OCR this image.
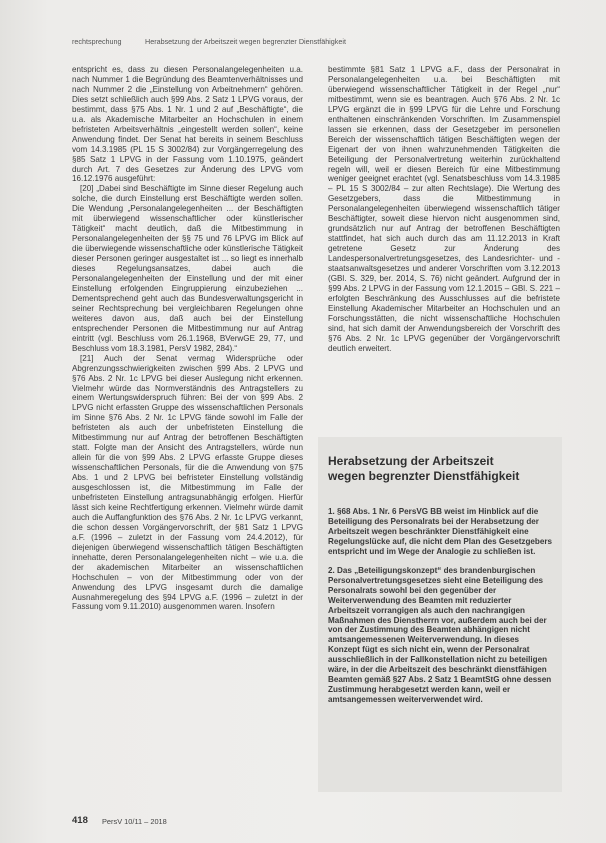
rechtsprechung	Herabsetzung der Arbeitszeit wegen begrenzter Dienstfähigkeit

entspricht es, dass zu diesen Personalangelegenheiten u.a. nach Nummer 1 die Begründung des Beamtenverhältnisses und nach Nummer 2 die „Einstellung von Arbeitnehmern“ gehören. Dies setzt schließlich auch §99 Abs. 2 Satz 1 LPVG voraus, der bestimmt, dass §75 Abs. 1 Nr. 1 und 2 auf „Beschäftigte“, die u.a. als Akademische Mitarbeiter an Hochschulen in einem befristeten Arbeitsverhältnis „eingestellt werden sollen“, keine Anwendung findet. Der Senat hat bereits in seinem Beschluss vom 14.3.1985 (PL 15 S 3002/84) zur Vorgängerregelung des §85 Satz 1 LPVG in der Fassung vom 1.10.1975, geändert durch Art. 7 des Gesetzes zur Änderung des LPVG vom 16.12.1976 ausgeführt:

[20] „Dabei sind Beschäftigte im Sinne dieser Regelung auch solche, die durch Einstellung erst Beschäftigte werden sollen. Die Wendung „Personalangelegenheiten ... der Beschäftigten mit überwiegend wissenschaftlicher oder künstlerischer Tätigkeit“ macht deutlich, daß die Mitbestimmung in Personalangelegenheiten der §§ 75 und 76 LPVG im Blick auf die überwiegende wissenschaftliche oder künstlerische Tätigkeit dieser Personen geringer ausgestaltet ist ... so liegt es innerhalb dieses Regelungsansatzes, dabei auch die Personalangelegenheiten der Einstellung und der mit einer Einstellung erfolgenden Eingruppierung einzubeziehen ... Dementsprechend geht auch das Bundesverwaltungsgericht in seiner Rechtsprechung bei vergleichbaren Regelungen ohne weiteres davon aus, daß auch bei der Einstellung entsprechender Personen die Mitbestimmung nur auf Antrag eintritt (vgl. Beschluss vom 26.1.1968, BVerwGE 29, 77, und Beschluss vom 18.3.1981, PersV 1982, 284).“

[21] Auch der Senat vermag Widersprüche oder Abgrenzungsschwierigkeiten zwischen §99 Abs. 2 LPVG und §76 Abs. 2 Nr. 1c LPVG bei dieser Auslegung nicht erkennen. Vielmehr würde das Normverständnis des Antragstellers zu einem Wertungswiderspruch führen: Bei der von §99 Abs. 2 LPVG nicht erfassten Gruppe des wissenschaftlichen Personals im Sinne §76 Abs. 2 Nr. 1c LPVG fände sowohl im Falle der befristeten als auch der unbefristeten Einstellung die Mitbestimmung nur auf Antrag der betroffenen Beschäftigten statt. Folgte man der Ansicht des Antragstellers, würde nun allein für die von §99 Abs. 2 LPVG erfasste Gruppe dieses wissenschaftlichen Personals, für die die Anwendung von §75 Abs. 1 und 2 LPVG bei befristeter Einstellung vollständig ausgeschlossen ist, die Mitbestimmung im Falle der unbefristeten Einstellung antragsunabhängig erfolgen. Hierfür lässt sich keine Rechtfertigung erkennen. Vielmehr würde damit auch die Auffangfunktion des §76 Abs. 2 Nr. 1c LPVG verkannt, die schon dessen Vorgängervorschrift, der §81 Satz 1 LPVG a.F. (1996 – zuletzt in der Fassung vom 24.4.2012), für diejenigen überwiegend wissenschaftlich tätigen Beschäftigten innehatte, deren Personalangelegenheiten nicht – wie u.a. die der akademischen Mitarbeiter an wissenschaftlichen Hochschulen – von der Mitbestimmung oder von der Anwendung des LPVG insgesamt durch die damalige Ausnahmeregelung des §94 LPVG a.F. (1996 – zuletzt in der Fassung vom 9.11.2010) ausgenommen waren. Insofern

bestimmte §81 Satz 1 LPVG a.F., dass der Personalrat in Personalangelegenheiten u.a. bei Beschäftigten mit überwiegend wissenschaftlicher Tätigkeit in der Regel „nur“ mitbestimmt, wenn sie es beantragen. Auch §76 Abs. 2 Nr. 1c LPVG ergänzt die in §99 LPVG für die Lehre und Forschung enthaltenen einschränkenden Vorschriften. Im Zusammenspiel lassen sie erkennen, dass der Gesetzgeber im personellen Bereich der wissenschaftlich tätigen Beschäftigten wegen der Eigenart der von ihnen wahrzunehmenden Tätigkeiten die Beteiligung der Personalvertretung weiterhin zurückhaltend regeln will, weil er diesen Bereich für eine Mitbestimmung weniger geeignet erachtet (vgl. Senatsbeschluss vom 14.3.1985 – PL 15 S 3002/84 – zur alten Rechtslage). Die Wertung des Gesetzgebers, dass die Mitbestimmung in Personalangelegenheiten überwiegend wissenschaftlich tätiger Beschäftigter, soweit diese hiervon nicht ausgenommen sind, grundsätzlich nur auf Antrag der betroffenen Beschäftigten stattfindet, hat sich auch durch das am 11.12.2013 in Kraft getretene Gesetz zur Änderung des Landespersonalvertretungsgesetzes, des Landesrichter- und -staatsanwaltsgesetzes und anderer Vorschriften vom 3.12.2013 (GBl. S. 329, ber. 2014, S. 76) nicht geändert. Aufgrund der in §99 Abs. 2 LPVG in der Fassung vom 12.1.2015 – GBl. S. 221 – erfolgten Beschränkung des Ausschlusses auf die befristete Einstellung Akademischer Mitarbeiter an Hochschulen und an Forschungsstätten, die nicht wissenschaftliche Hochschulen sind, hat sich damit der Anwendungsbereich der Vorschrift des §76 Abs. 2 Nr. 1c LPVG gegenüber der Vorgängervorschrift deutlich erweitert.

Herabsetzung der Arbeitszeit
wegen begrenzter Dienstfähigkeit

1. §68 Abs. 1 Nr. 6 PersVG BB weist im Hinblick auf die Beteiligung des Personalrats bei der Herabsetzung der Arbeitszeit wegen beschränkter Dienstfähigkeit eine Regelungslücke auf, die nicht dem Plan des Gesetzgebers entspricht und im Wege der Analogie zu schließen ist.

2. Das „Beteiligungskonzept“ des brandenburgischen Personalvertretungsgesetzes sieht eine Beteiligung des Personalrats sowohl bei den gegenüber der Weiterverwendung des Beamten mit reduzierter Arbeitszeit vorrangigen als auch den nachrangigen Maßnahmen des Dienstherrn vor, außerdem auch bei der von der Zustimmung des Beamten abhängigen nicht amtsangemessenen Weiterverwendung. In dieses Konzept fügt es sich nicht ein, wenn der Personalrat ausschließlich in der Fallkonstellation nicht zu beteiligen wäre, in der die Arbeitszeit des beschränkt dienstfähigen Beamten gemäß §27 Abs. 2 Satz 1 BeamtStG ohne dessen Zustimmung herabgesetzt werden kann, weil er amtsangemessen weiterverwendet wird.

418 PersV 10/11 – 2018
